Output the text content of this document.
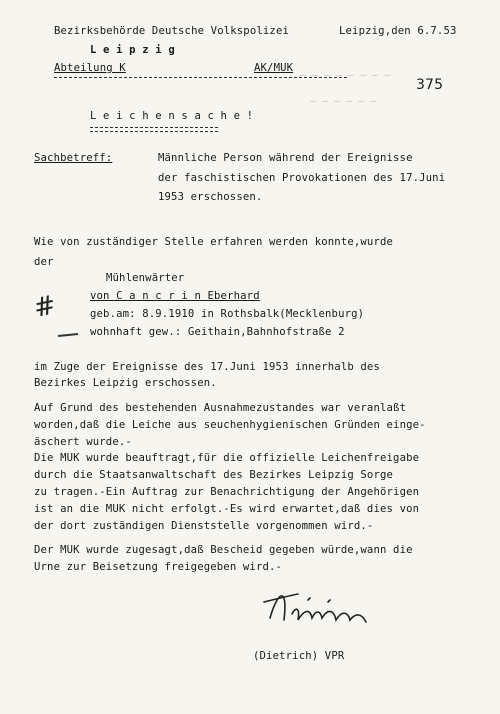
— — — — — — — —
— — — — — —
Bezirksbehörde Deutsche Volkspolizei	Leipzig,den 6.7.53
L e i p z i g
Abteilung K	AK/MUK
375
L e i c h e n s a c h e !
Sachbetreff:	Männliche Person während der Ereignisse
der faschistischen Provokationen des 17.Juni
1953 erschossen.
Wie von zuständiger Stelle erfahren werden konnte,wurde
der
Mühlenwärter
von C a n c r i n Eberhard
geb.am: 8.9.1910 in Rothsbalk(Mecklenburg)
wohnhaft gew.: Geithain,Bahnhofstraße 2
#
im Zuge der Ereignisse des 17.Juni 1953 innerhalb des
Bezirkes Leipzig erschossen.
Auf Grund des bestehenden Ausnahmezustandes war veranlaßt
worden,daß die Leiche aus seuchenhygienischen Gründen einge-
äschert wurde.-
Die MUK wurde beauftragt,für die offizielle Leichenfreigabe
durch die Staatsanwaltschaft des Bezirkes Leipzig Sorge
zu tragen.-Ein Auftrag zur Benachrichtigung der Angehörigen
ist an die MUK nicht erfolgt.-Es wird erwartet,daß dies von
der dort zuständigen Dienststelle vorgenommen wird.-
Der MUK wurde zugesagt,daß Bescheid gegeben würde,wann die
Urne zur Beisetzung freigegeben wird.-
(Dietrich) VPR
